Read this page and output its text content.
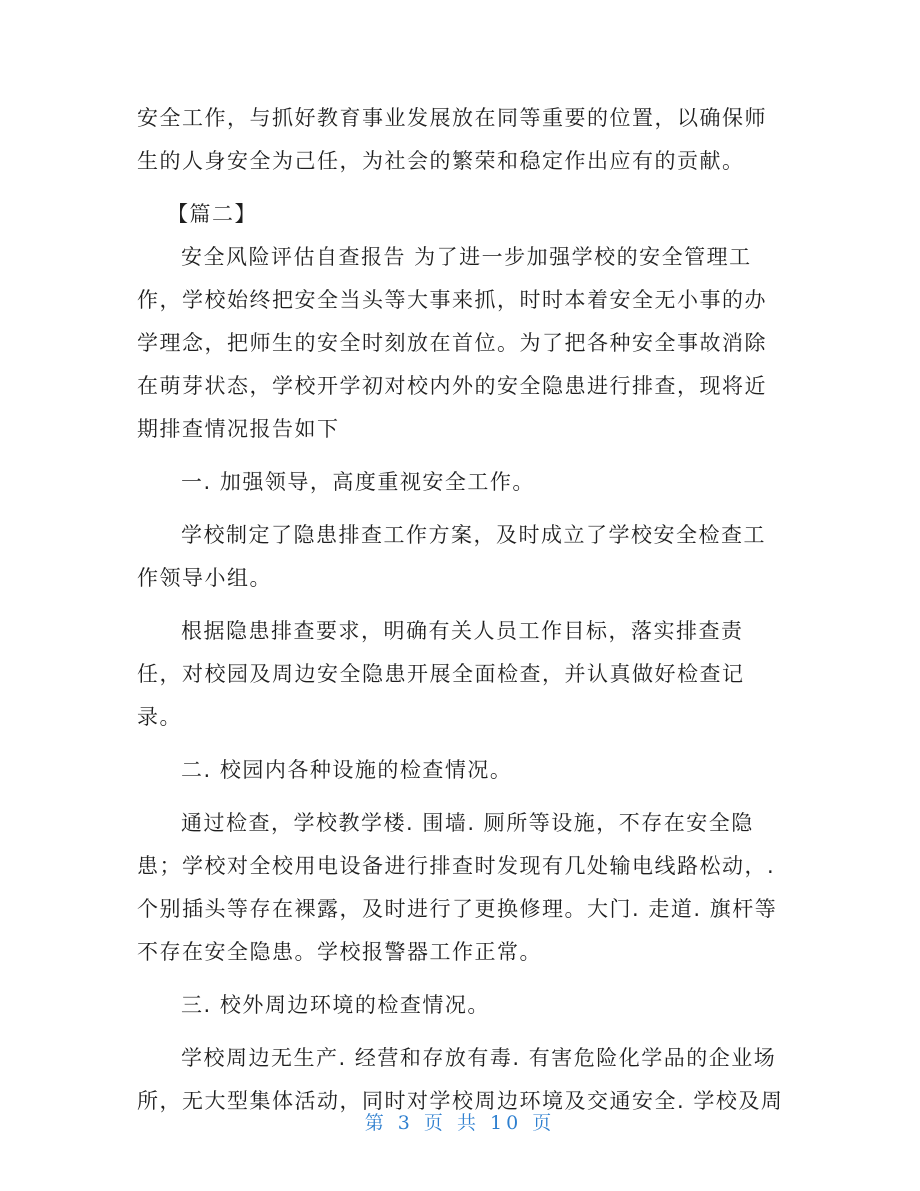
安全工作，与抓好教育事业发展放在同等重要的位置，以确保师
生的人身安全为己任，为社会的繁荣和稳定作出应有的贡献。
【篇二】
安全风险评估自查报告 为了进一步加强学校的安全管理工
作，学校始终把安全当头等大事来抓，时时本着安全无小事的办
学理念，把师生的安全时刻放在首位。为了把各种安全事故消除
在萌芽状态，学校开学初对校内外的安全隐患进行排查，现将近
期排查情况报告如下
一. 加强领导，高度重视安全工作。
学校制定了隐患排查工作方案，及时成立了学校安全检查工
作领导小组。
根据隐患排查要求，明确有关人员工作目标，落实排查责
任，对校园及周边安全隐患开展全面检查，并认真做好检查记
录。
二. 校园内各种设施的检查情况。
通过检查，学校教学楼. 围墙. 厕所等设施，不存在安全隐
患；学校对全校用电设备进行排查时发现有几处输电线路松动，.
个别插头等存在裸露，及时进行了更换修理。大门. 走道. 旗杆等
不存在安全隐患。学校报警器工作正常。
三. 校外周边环境的检查情况。
学校周边无生产. 经营和存放有毒. 有害危险化学品的企业场
所，无大型集体活动，同时对学校周边环境及交通安全. 学校及周
第 3 页 共 10 页
